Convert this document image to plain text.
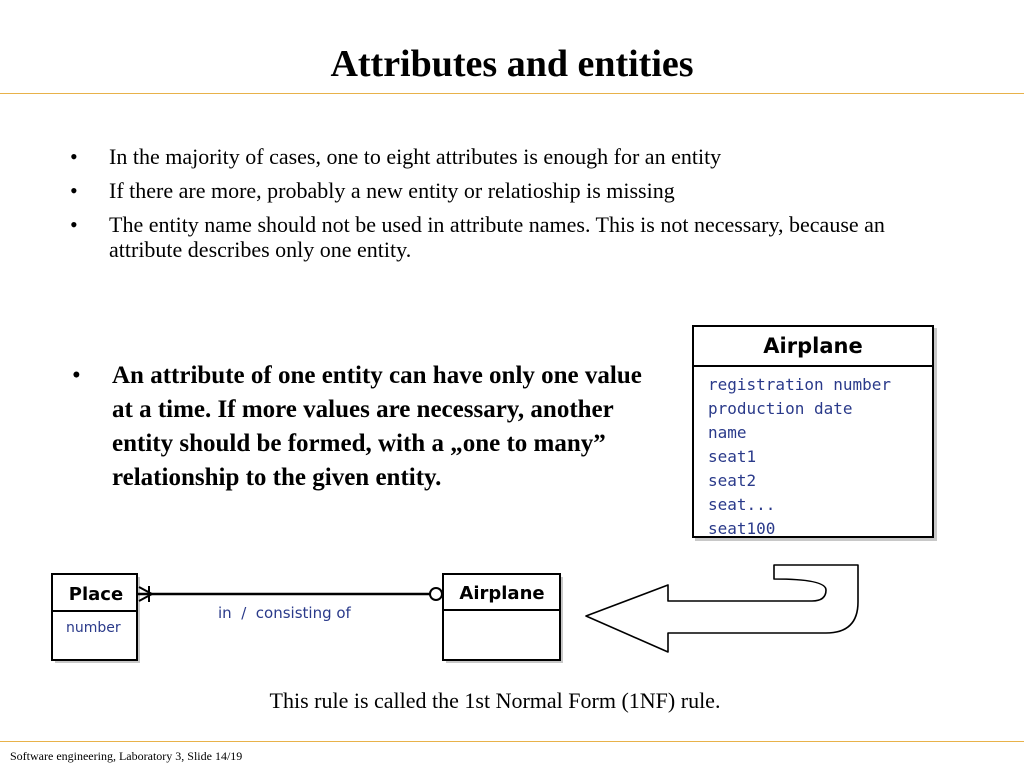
Attributes and entities
• In the majority of cases, one to eight attributes is enough for an entity
• If there are more, probably a new entity or relatioship is missing
• The entity name should not be used in attribute names. This is not necessary, because an attribute describes only one entity.
• An attribute of one entity can have only one value at a time. If more values are necessary, another entity should be formed, with a „one to many” relationship to the given entity.
Airplane
registration number
production date
name
seat1
seat2
seat...
seat100
Place
number
Airplane
in  /  consisting of
This rule is called the 1st Normal Form (1NF) rule.
Software engineering, Laboratory 3, Slide 14/19
